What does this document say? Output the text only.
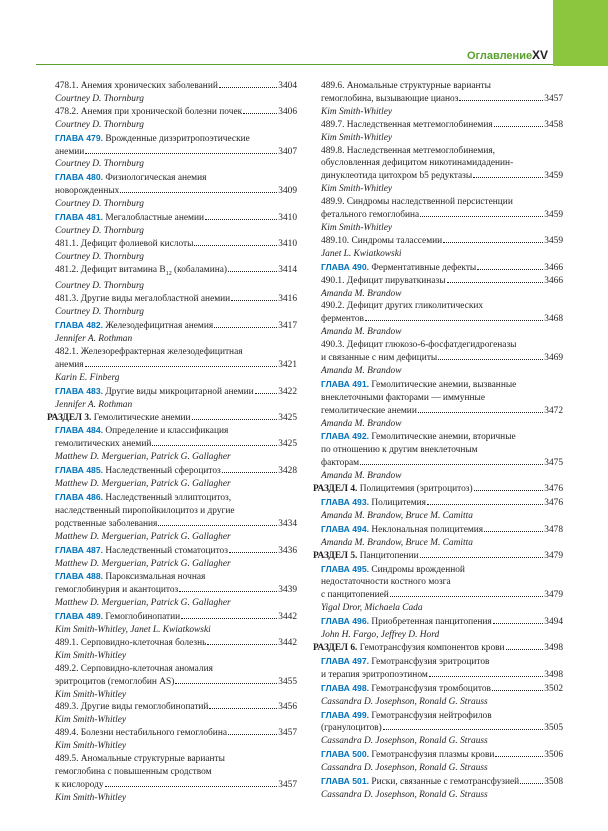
Оглавление XV
478.1. Анемия хронических заболеваний	3404
Courtney D. Thornburg
478.2. Анемия при хронической болезни почек	3406
Courtney D. Thornburg
ГЛАВА 479. Врожденные дизэритропоэтические
анемии	3407
Courtney D. Thornburg
ГЛАВА 480. Физиологическая анемия
новорожденных	3409
Courtney D. Thornburg
ГЛАВА 481. Мегалобластные анемии	3410
Courtney D. Thornburg
481.1. Дефицит фолиевой кислоты	3410
Courtney D. Thornburg
481.2. Дефицит витамина $B_{12}$ (кобаламина)	3414
Courtney D. Thornburg
481.3. Другие виды мегалобластной анемии	3416
Courtney D. Thornburg
ГЛАВА 482. Железодефицитная анемия	3417
Jennifer A. Rothman
482.1. Железорефрактерная железодефицитная
анемия	3421
Karin E. Finberg
ГЛАВА 483. Другие виды микроцитарной анемии	3422
Jennifer A. Rothman
РАЗДЕЛ 3. Гемолитические анемии	3425
ГЛАВА 484. Определение и классификация
гемолитических анемий	3425
Matthew D. Merguerian, Patrick G. Gallagher
ГЛАВА 485. Наследственный сфероцитоз	3428
Matthew D. Merguerian, Patrick G. Gallagher
ГЛАВА 486. Наследственный эллиптоцитоз,
наследственный пиропойкилоцитоз и другие
родственные заболевания	3434
Matthew D. Merguerian, Patrick G. Gallagher
ГЛАВА 487. Наследственный стоматоцитоз	3436
Matthew D. Merguerian, Patrick G. Gallagher
ГЛАВА 488. Пароксизмальная ночная
гемоглобинурия и акантоцитоз	3439
Matthew D. Merguerian, Patrick G. Gallagher
ГЛАВА 489. Гемоглобинопатии	3442
Kim Smith-Whitley, Janet L. Kwiatkowski
489.1. Серповидно-клеточная болезнь	3442
Kim Smith-Whitley
489.2. Серповидно-клеточная аномалия
эритроцитов (гемоглобин AS)	3455
Kim Smith-Whitley
489.3. Другие виды гемоглобинопатий	3456
Kim Smith-Whitley
489.4. Болезни нестабильного гемоглобина	3457
Kim Smith-Whitley
489.5. Аномальные структурные варианты
гемоглобина с повышенным сродством
к кислороду	3457
Kim Smith-Whitley
489.6. Аномальные структурные варианты
гемоглобина, вызывающие цианоз	3457
Kim Smith-Whitley
489.7. Наследственная метгемоглобинемия	3458
Kim Smith-Whitley
489.8. Наследственная метгемоглобинемия,
обусловленная дефицитом никотинамидаденин-
динуклеотида цитохром b5 редуктазы	3459
Kim Smith-Whitley
489.9. Синдромы наследственной персистенции
фетального гемоглобина	3459
Kim Smith-Whitley
489.10. Синдромы талассемии	3459
Janet L. Kwiatkowski
ГЛАВА 490. Ферментативные дефекты	3466
490.1. Дефицит пируваткиназы	3466
Amanda M. Brandow
490.2. Дефицит других гликолитических
ферментов	3468
Amanda M. Brandow
490.3. Дефицит глюкозо-6-фосфатдегидрогеназы
и связанные с ним дефициты	3469
Amanda M. Brandow
ГЛАВА 491. Гемолитические анемии, вызванные
внеклеточными факторами — иммунные
гемолитические анемии	3472
Amanda M. Brandow
ГЛАВА 492. Гемолитические анемии, вторичные
по отношению к другим внеклеточным
факторам	3475
Amanda M. Brandow
РАЗДЕЛ 4. Полицитемия (эритроцитоз)	3476
ГЛАВА 493. Полицитемия	3476
Amanda M. Brandow, Bruce M. Camitta
ГЛАВА 494. Неклональная полицитемия	3478
Amanda M. Brandow, Bruce M. Camitta
РАЗДЕЛ 5. Панцитопении	3479
ГЛАВА 495. Синдромы врожденной
недостаточности костного мозга
с панцитопенией	3479
Yigal Dror, Michaela Cada
ГЛАВА 496. Приобретенная панцитопения	3494
John H. Fargo, Jeffrey D. Hord
РАЗДЕЛ 6. Гемотрансфузия компонентов крови	3498
ГЛАВА 497. Гемотрансфузия эритроцитов
и терапия эритропоэтином	3498
ГЛАВА 498. Гемотрансфузия тромбоцитов	3502
Cassandra D. Josephson, Ronald G. Strauss
ГЛАВА 499. Гемотрансфузия нейтрофилов
(гранулоцитов)	3505
Cassandra D. Josephson, Ronald G. Strauss
ГЛАВА 500. Гемотрансфузия плазмы крови	3506
Cassandra D. Josephson, Ronald G. Strauss
ГЛАВА 501. Риски, связанные с гемотрансфузией	3508
Cassandra D. Josephson, Ronald G. Strauss
